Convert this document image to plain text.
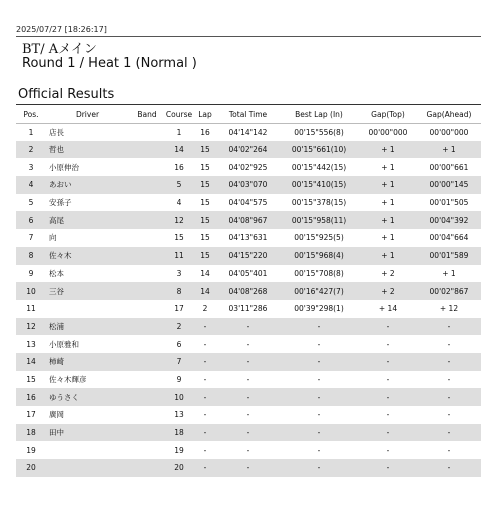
2025/07/27 [18:26:17]
BT/ Aメイン
Round 1 / Heat 1 (Normal )
Official Results
Pos.	Driver	Band	Course	Lap	Total Time	Best Lap (In)	Gap(Top)	Gap(Ahead)
1	店長		1	16	04'14"142	00'15"556(8)	00'00"000	00'00"000
2	哲也		14	15	04'02"264	00'15"661(10)	+ 1	+ 1
3	小原伸治		16	15	04'02"925	00'15"442(15)	+ 1	00'00"661
4	あおい		5	15	04'03"070	00'15"410(15)	+ 1	00'00"145
5	安孫子		4	15	04'04"575	00'15"378(15)	+ 1	00'01"505
6	高尾		12	15	04'08"967	00'15"958(11)	+ 1	00'04"392
7	向		15	15	04'13"631	00'15"925(5)	+ 1	00'04"664
8	佐々木		11	15	04'15"220	00'15"968(4)	+ 1	00'01"589
9	松本		3	14	04'05"401	00'15"708(8)	+ 2	+ 1
10	三谷		8	14	04'08"268	00'16"427(7)	+ 2	00'02"867
11			17	2	03'11"286	00'39"298(1)	+ 14	+ 12
12	松浦		2	-	-	-	-	-
13	小原雅和		6	-	-	-	-	-
14	柿崎		7	-	-	-	-	-
15	佐々木輝彦		9	-	-	-	-	-
16	ゆうさく		10	-	-	-	-	-
17	廣岡		13	-	-	-	-	-
18	田中		18	-	-	-	-	-
19			19	-	-	-	-	-
20			20	-	-	-	-	-
